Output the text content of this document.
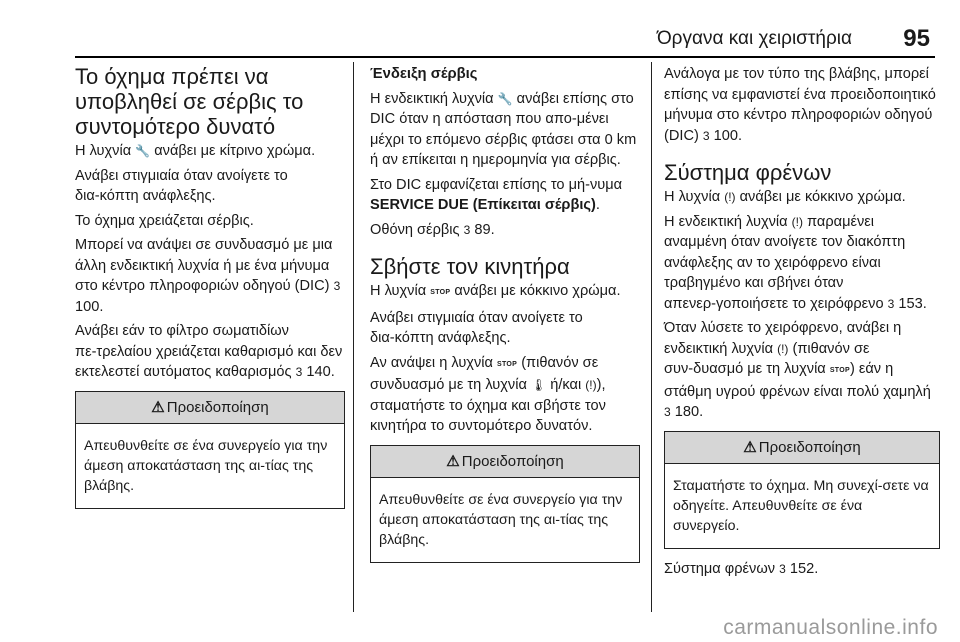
Όργανα και χειριστήρια 95
Το όχημα πρέπει να υποβληθεί σε σέρβις το συντομότερο δυνατό

Η λυχνία 🔧 ανάβει με κίτρινο χρώμα.

Ανάβει στιγμιαία όταν ανοίγετε το δια‑κόπτη ανάφλεξης.

Το όχημα χρειάζεται σέρβις.

Μπορεί να ανάψει σε συνδυασμό με μια άλλη ενδεικτική λυχνία ή με ένα μήνυμα στο κέντρο πληροφοριών οδηγού (DIC) 3 100.

Ανάβει εάν το φίλτρο σωματιδίων πε‑τρελαίου χρειάζεται καθαρισμό και δεν εκτελεστεί αυτόματος καθαρισμός 3 140.

⚠ Προειδοποίηση
Απευθυνθείτε σε ένα συνεργείο για την άμεση αποκατάσταση της αι‑τίας της βλάβης.
Ένδειξη σέρβις

Η ενδεικτική λυχνία 🔧 ανάβει επίσης στο DIC όταν η απόσταση που απο‑μένει μέχρι το επόμενο σέρβις φτάσει στα 0 km ή αν επίκειται η ημερομηνία για σέρβις.

Στο DIC εμφανίζεται επίσης το μή‑νυμα SERVICE DUE (Επίκειται σέρβις).

Οθόνη σέρβις 3 89.

Σβήστε τον κινητήρα

Η λυχνία STOP ανάβει με κόκκινο χρώμα.

Ανάβει στιγμιαία όταν ανοίγετε το δια‑κόπτη ανάφλεξης.

Αν ανάψει η λυχνία STOP (πιθανόν σε συνδυασμό με τη λυχνία 🌡 ή/και (!)), σταματήστε το όχημα και σβήστε τον κινητήρα το συντομότερο δυνατόν.

⚠ Προειδοποίηση
Απευθυνθείτε σε ένα συνεργείο για την άμεση αποκατάσταση της αι‑τίας της βλάβης.

Ανάλογα με τον τύπο της βλάβης, μπορεί επίσης να εμφανιστεί ένα προειδοποιητικό μήνυμα στο κέντρο πληροφοριών οδηγού (DIC) 3 100.

Σύστημα φρένων

Η λυχνία (!) ανάβει με κόκκινο χρώμα.

Η ενδεικτική λυχνία (!) παραμένει αναμμένη όταν ανοίγετε τον διακόπτη ανάφλεξης αν το χειρόφρενο είναι τραβηγμένο και σβήνει όταν απενερ‑γοποιήσετε το χειρόφρενο 3 153.

Όταν λύσετε το χειρόφρενο, ανάβει η ενδεικτική λυχνία (!) (πιθανόν σε συν‑δυασμό με τη λυχνία STOP) εάν η στάθμη υγρού φρένων είναι πολύ χαμηλή 3 180.

⚠ Προειδοποίηση
Σταματήστε το όχημα. Μη συνεχί‑σετε να οδηγείτε. Απευθυνθείτε σε ένα συνεργείο.

Σύστημα φρένων 3 152.

carmanualsonline.info
